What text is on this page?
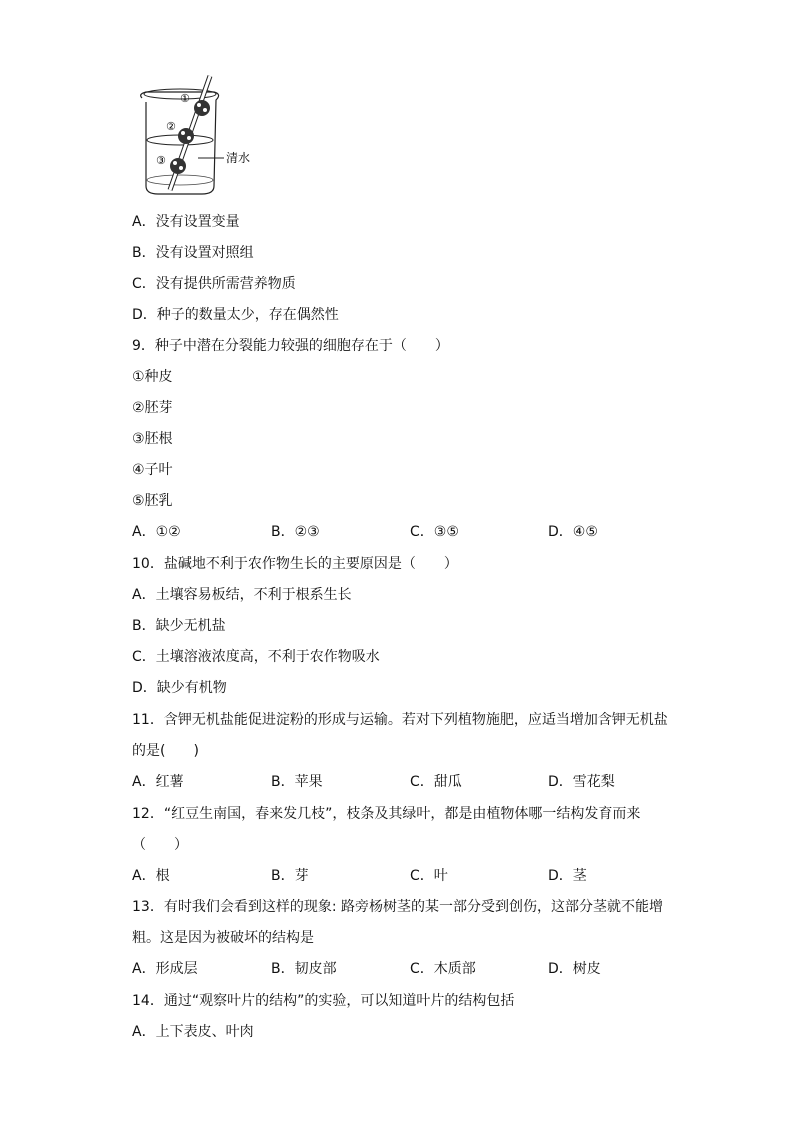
①
②
③	清水
A．没有设置变量
B．没有设置对照组
C．没有提供所需营养物质
D．种子的数量太少，存在偶然性
9．种子中潜在分裂能力较强的细胞存在于（　　）
①种皮
②胚芽
③胚根
④子叶
⑤胚乳
A．①②	B．②③	C．③⑤	D．④⑤
10．盐碱地不利于农作物生长的主要原因是（　　）
A．土壤容易板结，不利于根系生长
B．缺少无机盐
C．土壤溶液浓度高，不利于农作物吸水
D．缺少有机物
11．含钾无机盐能促进淀粉的形成与运输。若对下列植物施肥，应适当增加含钾无机盐
的是(　　)
A．红薯	B．苹果	C．甜瓜	D．雪花梨
12．“红豆生南国，春来发几枝”，枝条及其绿叶，都是由植物体哪一结构发育而来
（　　）
A．根	B．芽	C．叶	D．茎
13．有时我们会看到这样的现象: 路旁杨树茎的某一部分受到创伤，这部分茎就不能增
粗。这是因为被破坏的结构是
A．形成层	B．韧皮部	C．木质部	D．树皮
14．通过“观察叶片的结构”的实验，可以知道叶片的结构包括
A．上下表皮、叶肉
